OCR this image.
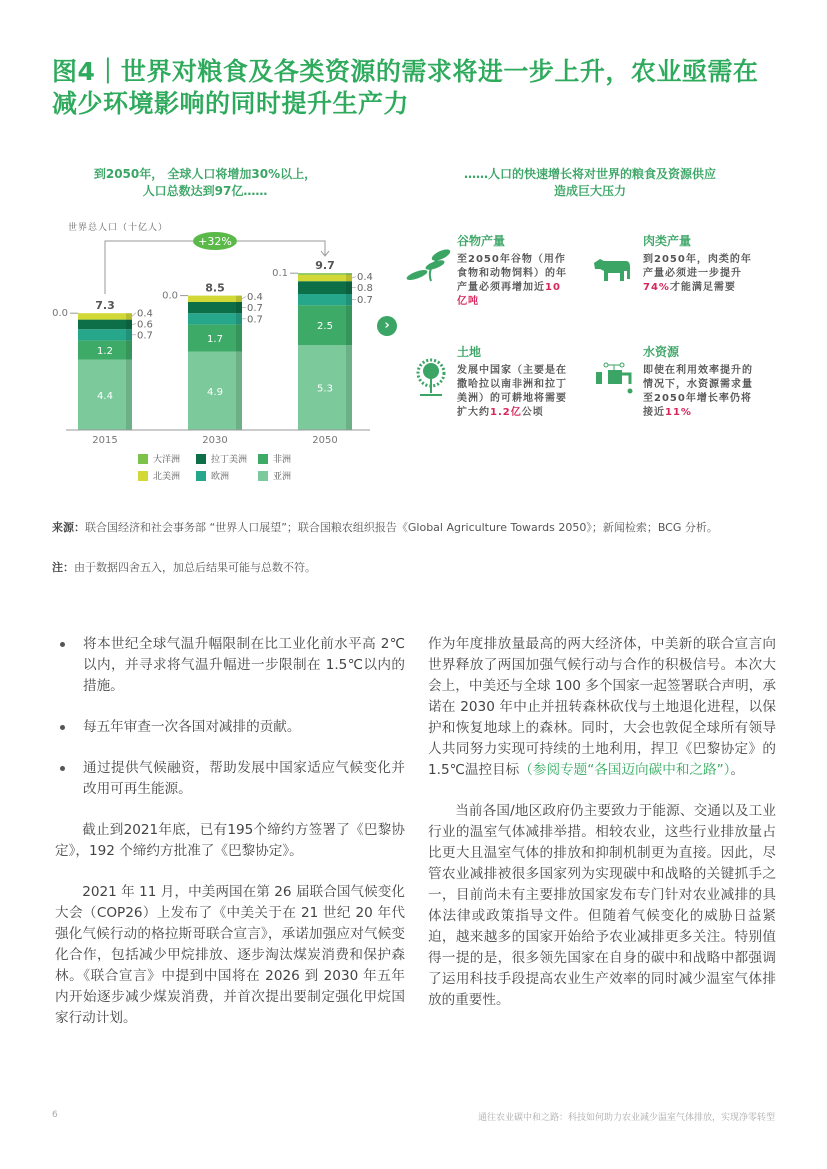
图4｜世界对粮食及各类资源的需求将进一步上升，农业亟需在减少环境影响的同时提升生产力
到2050年， 全球人口将增加30%以上，
人口总数达到97亿……
世界总人口（十亿人）
4.4
1.2
0.0
0.7
0.6
0.4
7.3
2015
4.9
1.7
0.0
0.7
0.7
0.4
8.5
2030
5.3
2.5
0.1
0.7
0.8
0.4
9.7
2050
+32%
大洋洲	拉丁美洲	非洲
北美洲	欧洲	亚洲
›
……人口的快速增长将对世界的粮食及资源供应
造成巨大压力
谷物产量

至2050年谷物（用作食物和动物饲料）的年产量必须再增加近10亿吨

肉类产量

到2050年，肉类的年产量必须进一步提升74%才能满足需要

土地

发展中国家（主要是在撒哈拉以南非洲和拉丁美洲）的可耕地将需要扩大约1.2亿公顷

水资源

即使在利用效率提升的情况下，水资源需求量至2050年增长率仍将接近11%

来源：联合国经济和社会事务部 “世界人口展望”；联合国粮农组织报告《Global Agriculture Towards 2050》；新闻检索；BCG 分析。
注：由于数据四舍五入，加总后结果可能与总数不符。
将本世纪全球气温升幅限制在比工业化前水平高 2℃以内，并寻求将气温升幅进一步限制在 1.5℃以内的措施。
每五年审查一次各国对减排的贡献。
通过提供气候融资，帮助发展中国家适应气候变化并改用可再生能源。

截止到2021年底，已有195个缔约方签署了《巴黎协定》，192 个缔约方批准了《巴黎协定》。

2021 年 11 月，中美两国在第 26 届联合国气候变化大会（COP26）上发布了《中美关于在 21 世纪 20 年代强化气候行动的格拉斯哥联合宣言》，承诺加强应对气候变化合作，包括减少甲烷排放、逐步淘汰煤炭消费和保护森林。《联合宣言》中提到中国将在 2026 到 2030 年五年内开始逐步减少煤炭消费，并首次提出要制定强化甲烷国家行动计划。

作为年度排放量最高的两大经济体，中美新的联合宣言向世界释放了两国加强气候行动与合作的积极信号。本次大会上，中美还与全球 100 多个国家一起签署联合声明，承诺在 2030 年中止并扭转森林砍伐与土地退化进程，以保护和恢复地球上的森林。同时，大会也敦促全球所有领导人共同努力实现可持续的土地利用，捍卫《巴黎协定》的 1.5℃温控目标（参阅专题“各国迈向碳中和之路”）。

当前各国/地区政府仍主要致力于能源、交通以及工业行业的温室气体减排举措。相较农业，这些行业排放量占比更大且温室气体的排放和抑制机制更为直接。因此，尽管农业减排被很多国家列为实现碳中和战略的关键抓手之一，目前尚未有主要排放国家发布专门针对农业减排的具体法律或政策指导文件。但随着气候变化的威胁日益紧迫，越来越多的国家开始给予农业减排更多关注。特别值得一提的是，很多领先国家在自身的碳中和战略中都强调了运用科技手段提高农业生产效率的同时减少温室气体排放的重要性。

6	通往农业碳中和之路：科技如何助力农业减少温室气体排放，实现净零转型
